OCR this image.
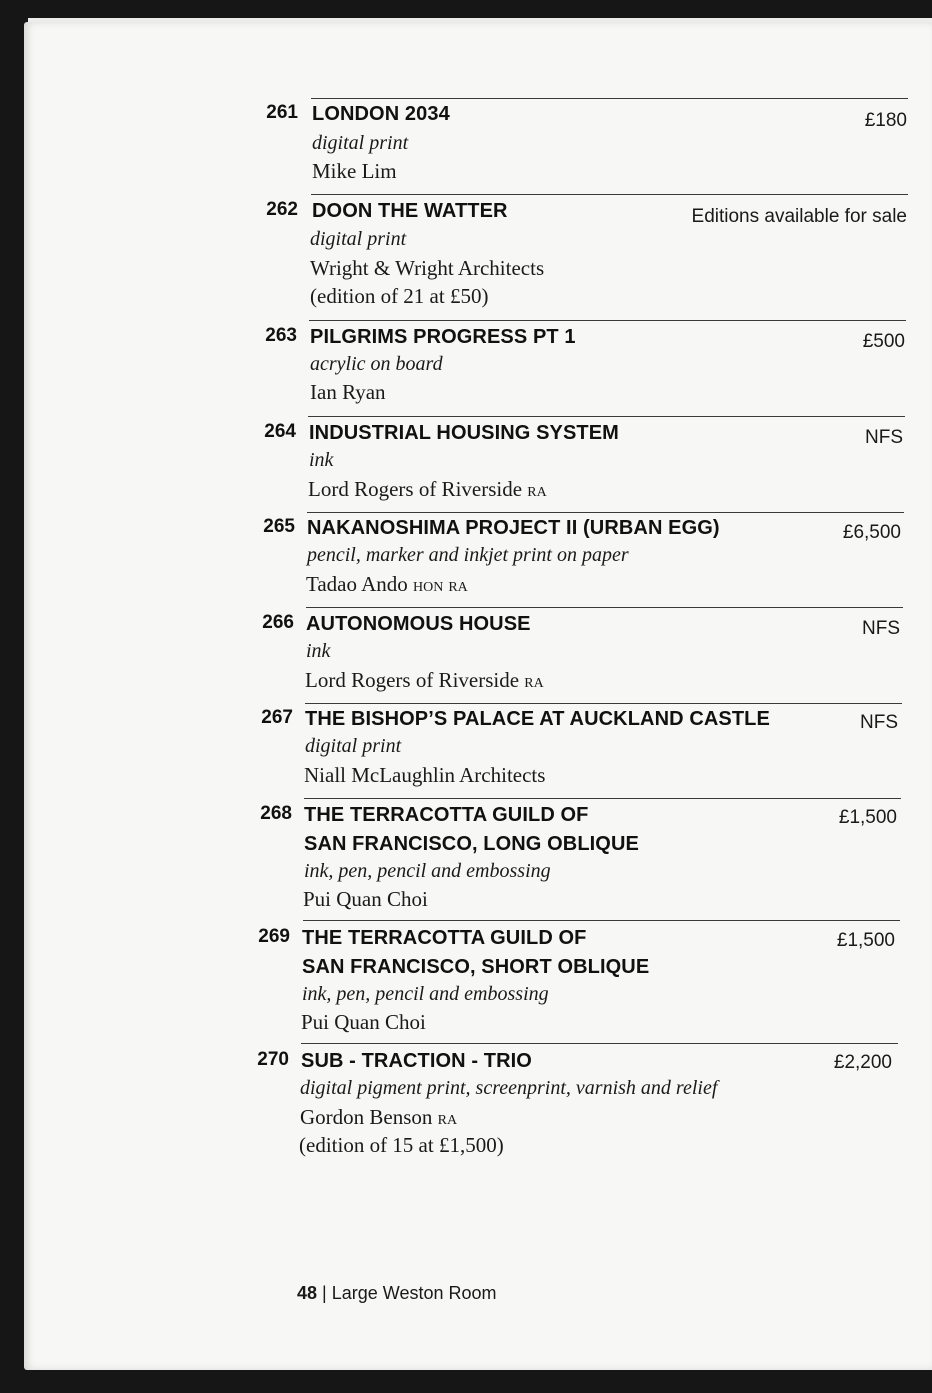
261 LONDON 2034	£180
digital print
Mike Lim
262 DOON THE WATTER	Editions available for sale
digital print
Wright & Wright Architects
(edition of 21 at £50)
263 PILGRIMS PROGRESS PT 1	£500
acrylic on board
Ian Ryan
264 INDUSTRIAL HOUSING SYSTEM	NFS
ink
Lord Rogers of Riverside ra
265 NAKANOSHIMA PROJECT II (URBAN EGG)	£6,500
pencil, marker and inkjet print on paper
Tadao Ando hon ra
266 AUTONOMOUS HOUSE	NFS
ink
Lord Rogers of Riverside ra
267 THE BISHOP’S PALACE AT AUCKLAND CASTLE	NFS
digital print
Niall McLaughlin Architects
268 THE TERRACOTTA GUILD OF
SAN FRANCISCO, LONG OBLIQUE
£1,500
ink, pen, pencil and embossing
Pui Quan Choi
269 THE TERRACOTTA GUILD OF
SAN FRANCISCO, SHORT OBLIQUE
£1,500
ink, pen, pencil and embossing
Pui Quan Choi
270 SUB - TRACTION - TRIO	£2,200
digital pigment print, screenprint, varnish and relief
Gordon Benson ra
(edition of 15 at £1,500)
48 | Large Weston Room
